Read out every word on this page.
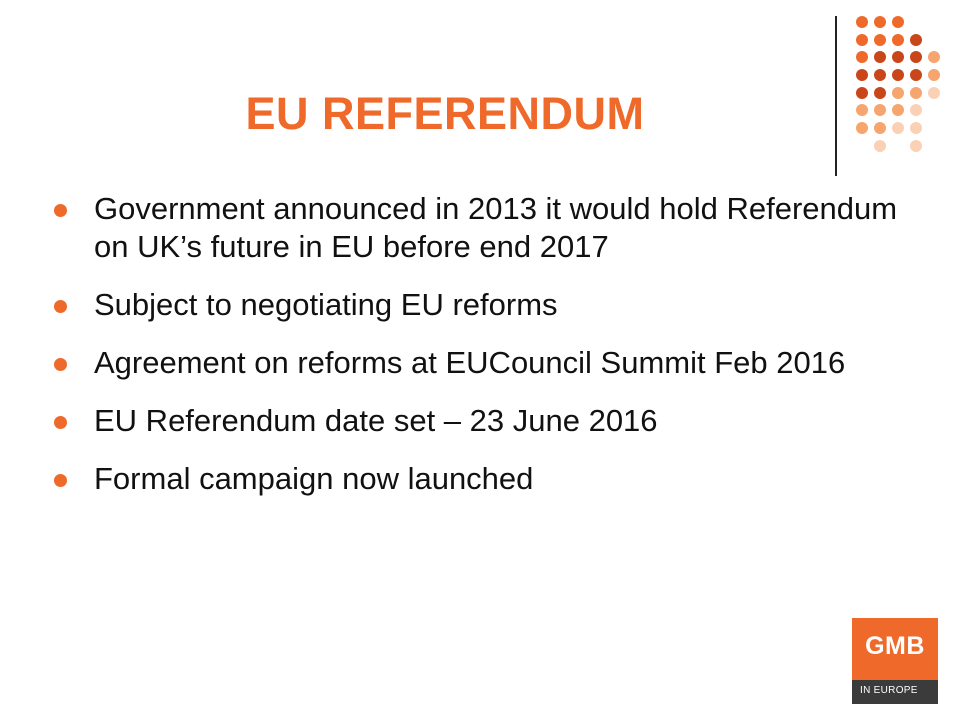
EU REFERENDUM
Government announced in 2013 it would hold Referendum on UK’s future in EU before end 2017
Subject to negotiating EU reforms
Agreement on reforms at EUCouncil Summit Feb 2016
EU Referendum date set – 23 June 2016
Formal campaign now launched
GMB
IN EUROPE
